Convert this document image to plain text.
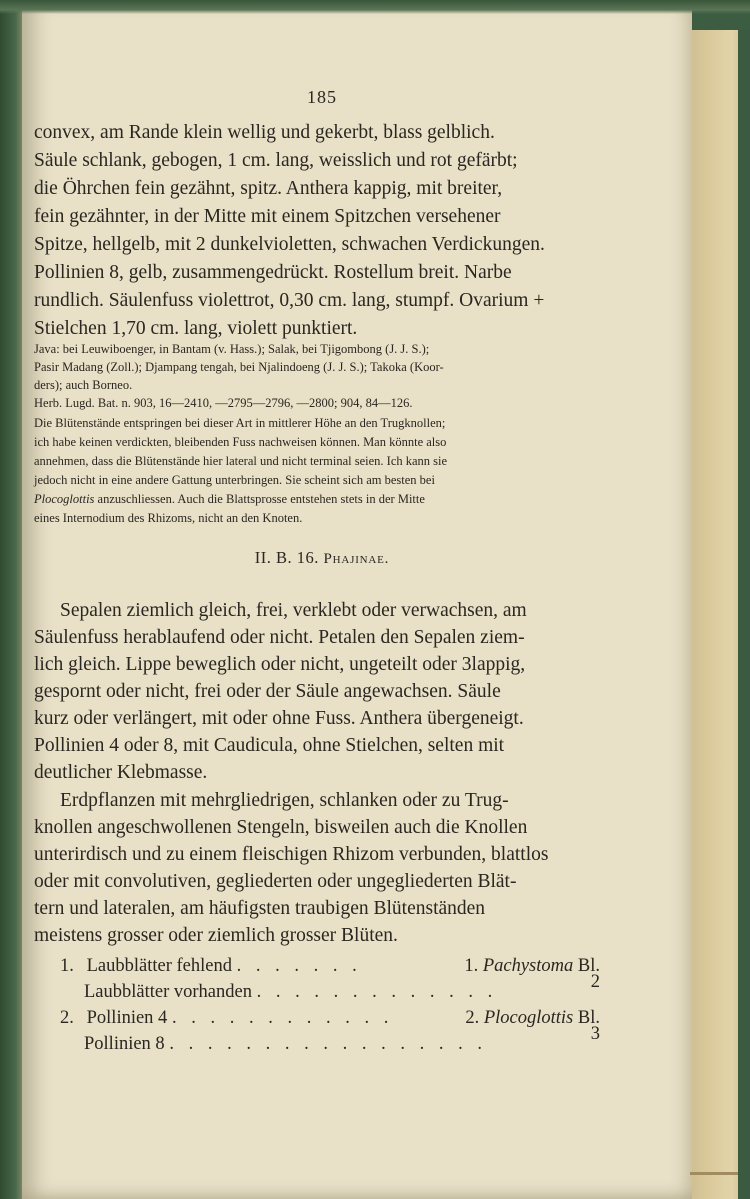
185
convex, am Rande klein wellig und gekerbt, blass gelblich.
Säule schlank, gebogen, 1 cm. lang, weisslich und rot gefärbt;
die Öhrchen fein gezähnt, spitz. Anthera kappig, mit breiter,
fein gezähnter, in der Mitte mit einem Spitzchen versehener
Spitze, hellgelb, mit 2 dunkelvioletten, schwachen Verdickungen.
Pollinien 8, gelb, zusammengedrückt. Rostellum breit. Narbe
rundlich. Säulenfuss violettrot, 0,30 cm. lang, stumpf. Ovarium +
Stielchen 1,70 cm. lang, violett punktiert.
Java: bei Leuwiboenger, in Bantam (v. Hass.); Salak, bei Tjigombong (J. J. S.);
Pasir Madang (Zoll.); Djampang tengah, bei Njalindoeng (J. J. S.); Takoka (Koor-
ders); auch Borneo.
Herb. Lugd. Bat. n. 903, 16—2410, —2795—2796, —2800; 904, 84—126.
Die Blütenstände entspringen bei dieser Art in mittlerer Höhe an den Trugknollen;
ich habe keinen verdickten, bleibenden Fuss nachweisen können. Man könnte also
annehmen, dass die Blütenstände hier lateral und nicht terminal seien. Ich kann sie
jedoch nicht in eine andere Gattung unterbringen. Sie scheint sich am besten bei
Plocoglottis anzuschliessen. Auch die Blattsprosse entstehen stets in der Mitte
eines Internodium des Rhizoms, nicht an den Knoten.
II. B. 16. Phajinae.
Sepalen ziemlich gleich, frei, verklebt oder verwachsen, am
Säulenfuss herablaufend oder nicht. Petalen den Sepalen ziem-
lich gleich. Lippe beweglich oder nicht, ungeteilt oder 3lappig,
gespornt oder nicht, frei oder der Säule angewachsen. Säule
kurz oder verlängert, mit oder ohne Fuss. Anthera übergeneigt.
Pollinien 4 oder 8, mit Caudicula, ohne Stielchen, selten mit
deutlicher Klebmasse.
Erdpflanzen mit mehrgliedrigen, schlanken oder zu Trug-
knollen angeschwollenen Stengeln, bisweilen auch die Knollen
unterirdisch und zu einem fleischigen Rhizom verbunden, blattlos
oder mit convolutiven, gegliederten oder ungegliederten Blät-
tern und lateralen, am häufigsten traubigen Blütenständen
meistens grosser oder ziemlich grosser Blüten.
1. Laubblätter fehlend . . . . . . .	1. Pachystoma Bl.
Laubblätter vorhanden . . . . . . . . . . . . .	2
2. Pollinien 4 . . . . . . . . . . . .	2. Plocoglottis Bl.
Pollinien 8 . . . . . . . . . . . . . . . . .	3
